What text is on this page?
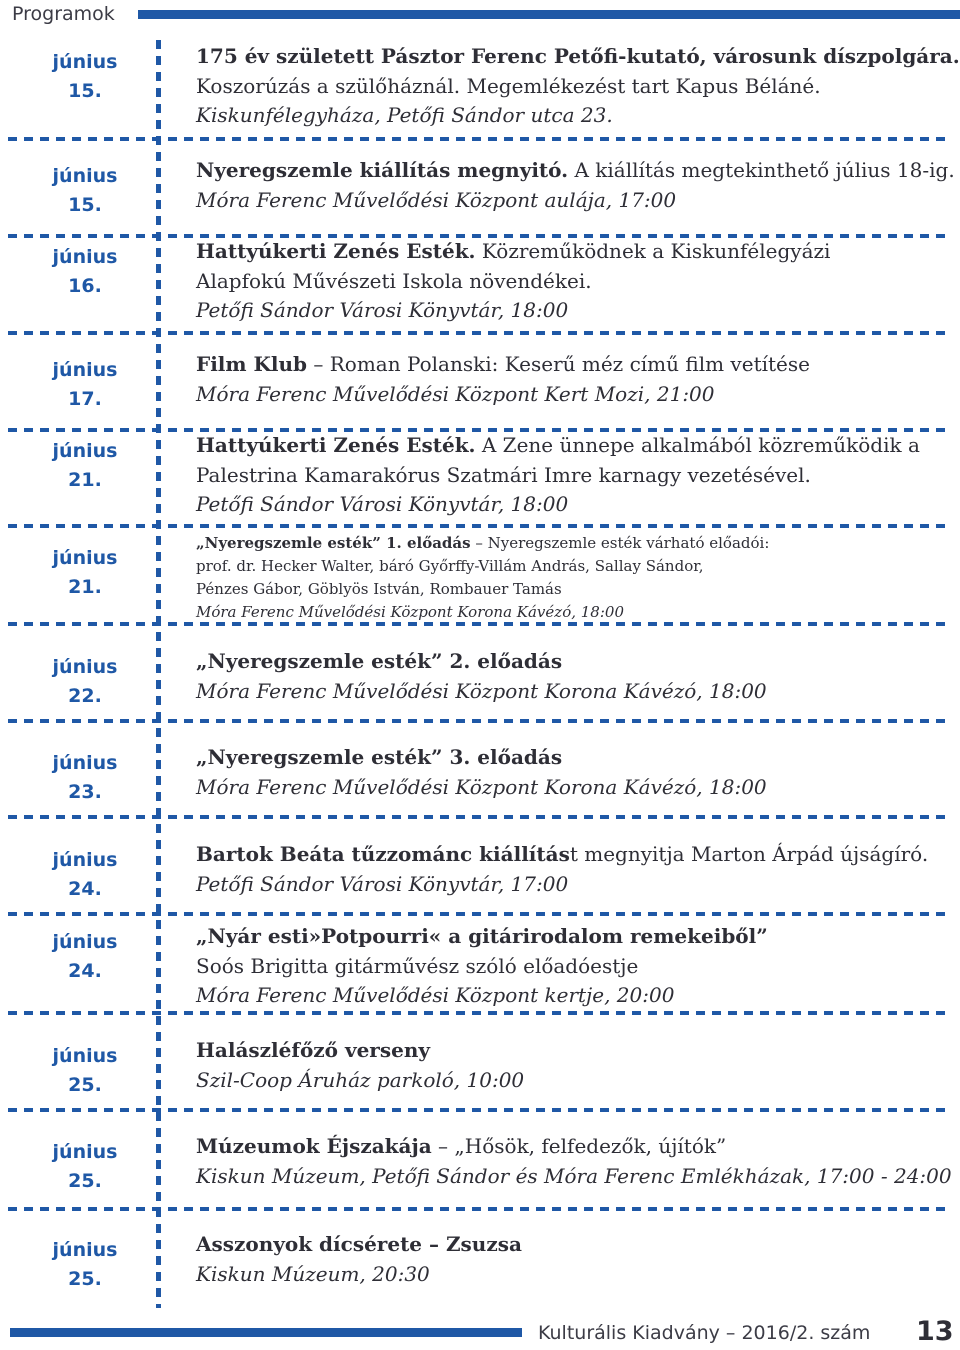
Programok
június
15.
175 év született Pásztor Ferenc Petőfi-kutató, városunk díszpolgára.
Koszorúzás a szülőháznál. Megemlékezést tart Kapus Béláné.
Kiskunfélegyháza, Petőfi Sándor utca 23.
június
15.
Nyeregszemle kiállítás megnyitó. A kiállítás megtekinthető július 18-ig.
Móra Ferenc Művelődési Központ aulája, 17:00
június
16.
Hattyúkerti Zenés Esték. Közreműködnek a Kiskunfélegyázi
Alapfokú Művészeti Iskola növendékei.
Petőfi Sándor Városi Könyvtár, 18:00
június
17.
Film Klub – Roman Polanski: Keserű méz című film vetítése
Móra Ferenc Művelődési Központ Kert Mozi, 21:00
június
21.
Hattyúkerti Zenés Esték. A Zene ünnepe alkalmából közreműködik a
Palestrina Kamarakórus Szatmári Imre karnagy vezetésével.
Petőfi Sándor Városi Könyvtár, 18:00
június
21.
„Nyeregszemle esték” 1. előadás – Nyeregszemle esték várható előadói:
prof. dr. Hecker Walter, báró Győrffy-Villám András, Sallay Sándor,
Pénzes Gábor, Göblyös István, Rombauer Tamás
Móra Ferenc Művelődési Központ Korona Kávézó, 18:00
június
22.
„Nyeregszemle esték” 2. előadás
Móra Ferenc Művelődési Központ Korona Kávézó, 18:00
június
23.
„Nyeregszemle esték” 3. előadás
Móra Ferenc Művelődési Központ Korona Kávézó, 18:00
június
24.
Bartok Beáta tűzzománc kiállítást megnyitja Marton Árpád újságíró.
Petőfi Sándor Városi Könyvtár, 17:00
június
24.
„Nyár esti»Potpourri« a gitárirodalom remekeiből”
Soós Brigitta gitárművész szóló előadóestje
Móra Ferenc Művelődési Központ kertje, 20:00
június
25.
Halászléfőző verseny
Szil-Coop Áruház parkoló, 10:00
június
25.
Múzeumok Éjszakája – „Hősök, felfedezők, újítók”
Kiskun Múzeum, Petőfi Sándor és Móra Ferenc Emlékházak, 17:00 - 24:00
június
25.
Asszonyok dícsérete – Zsuzsa
Kiskun Múzeum, 20:30
Kulturális Kiadvány – 2016/2. szám 13
